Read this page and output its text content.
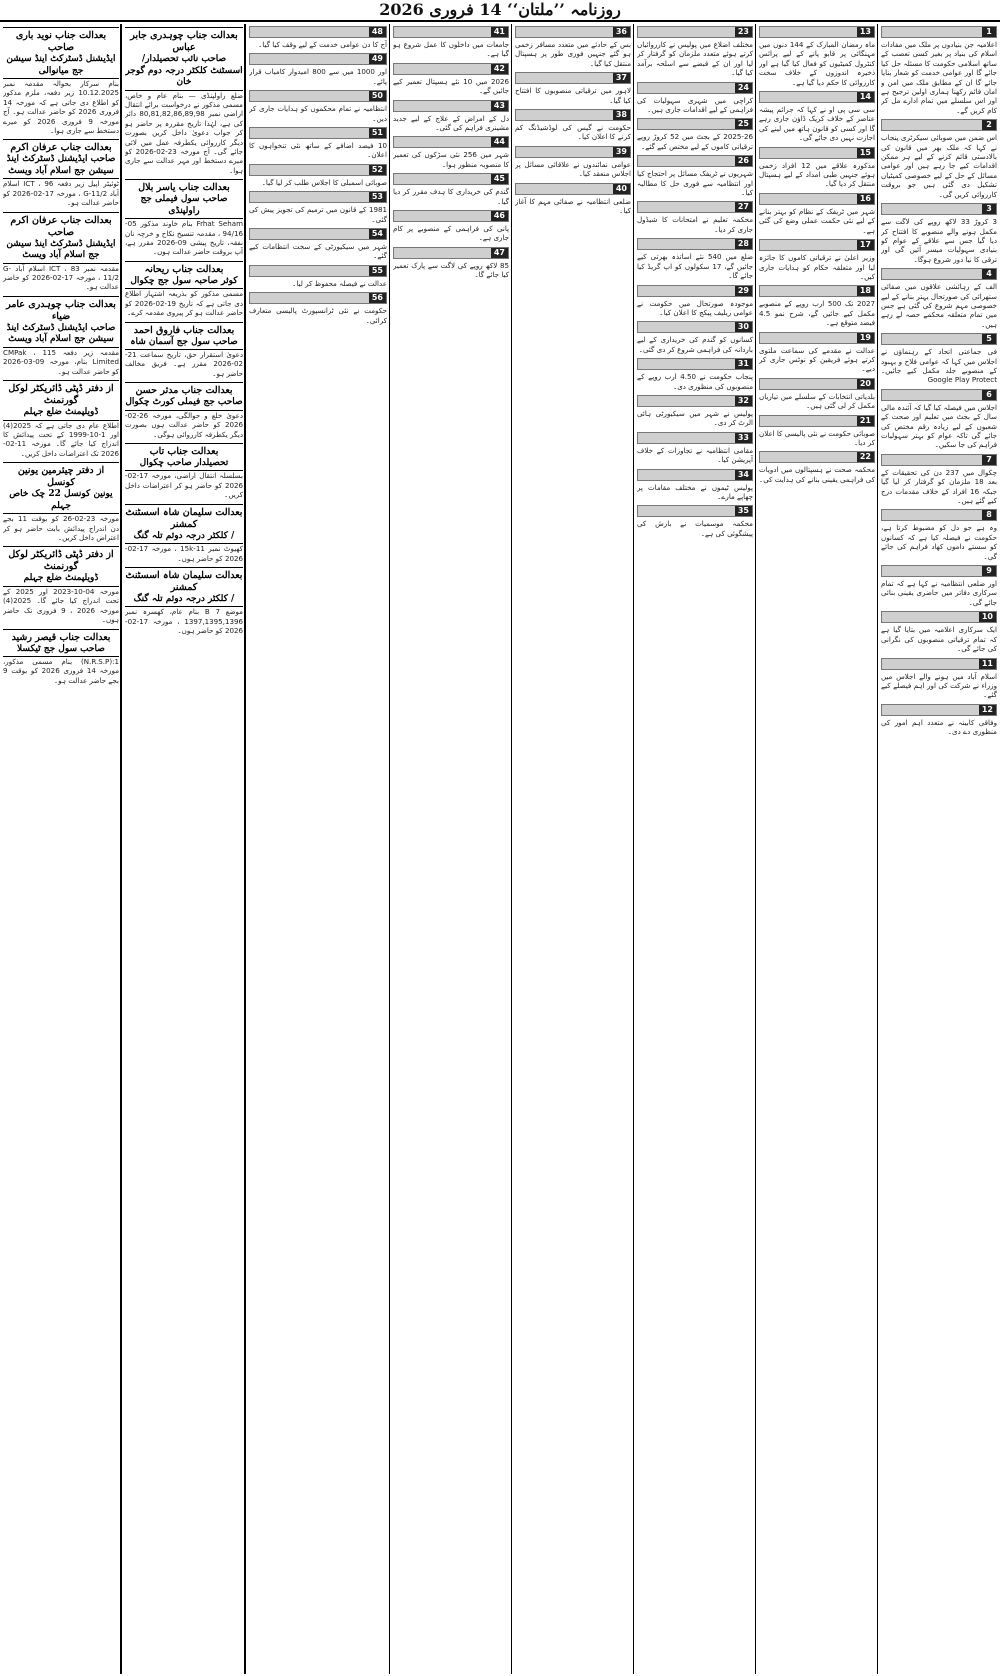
روزنامہ ’’ملتان‘‘ 14 فروری 2026
1
اعلامیہ جن بنیادوں پر ملک میں مفادات اسلام کی بنیاد پر بغیر کسی تعصب کے ساتھ اسلامی حکومت کا مسئلہ حل کیا جائے گا اور عوامی خدمت کو شعار بنایا جائے گا ان کے مطابق ملک میں امن و امان قائم رکھنا ہماری اولین ترجیح ہے اور اس سلسلے میں تمام ادارے مل کر کام کریں گے۔
2
اس ضمن میں صوبائی سیکرٹری پنجاب نے کہا کہ ملک بھر میں قانون کی بالادستی قائم کرنے کے لیے ہر ممکن اقدامات کیے جا رہے ہیں اور عوامی مسائل کے حل کے لیے خصوصی کمیٹیاں تشکیل دی گئی ہیں جو بروقت کارروائی کریں گی۔
3
3 کروڑ 33 لاکھ روپے کی لاگت سے مکمل ہونے والے منصوبے کا افتتاح کر دیا گیا جس سے علاقے کے عوام کو بنیادی سہولیات میسر آئیں گی اور ترقی کا نیا دور شروع ہوگا۔
4
الف کے رہائشی علاقوں میں صفائی ستھرائی کی صورتحال بہتر بنانے کے لیے خصوصی مہم شروع کی گئی ہے جس میں تمام متعلقہ محکمے حصہ لے رہے ہیں۔
5
فی جماعتی اتحاد کے رہنماؤں نے اجلاس میں کہا کہ عوامی فلاح و بہبود کے منصوبے جلد مکمل کیے جائیں۔ Google Play Protect
6
اجلاس میں فیصلہ کیا گیا کہ آئندہ مالی سال کے بجٹ میں تعلیم اور صحت کے شعبوں کے لیے زیادہ رقم مختص کی جائے گی تاکہ عوام کو بہتر سہولیات فراہم کی جا سکیں۔
7
چکوال میں 237 دن کی تحقیقات کے بعد 18 ملزمان کو گرفتار کر لیا گیا جبکہ 16 افراد کے خلاف مقدمات درج کیے گئے ہیں۔
8
وہ ہے جو دل کو مضبوط کرتا ہے، حکومت نے فیصلہ کیا ہے کہ کسانوں کو سستے داموں کھاد فراہم کی جائے گی۔
9
اور ضلعی انتظامیہ نے کہا ہے کہ تمام سرکاری دفاتر میں حاضری یقینی بنائی جائے گی۔
10
ایک سرکاری اعلامیہ میں بتایا گیا ہے کہ تمام ترقیاتی منصوبوں کی نگرانی کی جائے گی۔
11
اسلام آباد میں ہونے والے اجلاس میں وزراء نے شرکت کی اور اہم فیصلے کیے گئے۔
12
وفاقی کابینہ نے متعدد اہم امور کی منظوری دے دی۔
13
ماہ رمضان المبارک کے 144 دنوں میں مہنگائی پر قابو پانے کے لیے پرائس کنٹرول کمیٹیوں کو فعال کیا گیا ہے اور ذخیرہ اندوزوں کے خلاف سخت کارروائی کا حکم دیا گیا ہے۔
14
سی سی پی او نے کہا کہ جرائم پیشہ عناصر کے خلاف کریک ڈاؤن جاری رہے گا اور کسی کو قانون ہاتھ میں لینے کی اجازت نہیں دی جائے گی۔
15
مذکورہ علاقے میں 12 افراد زخمی ہوئے جنہیں طبی امداد کے لیے ہسپتال منتقل کر دیا گیا۔
16
شہر میں ٹریفک کے نظام کو بہتر بنانے کے لیے نئی حکمت عملی وضع کی گئی ہے۔
17
وزیر اعلیٰ نے ترقیاتی کاموں کا جائزہ لیا اور متعلقہ حکام کو ہدایات جاری کیں۔
18
2027 تک 500 ارب روپے کے منصوبے مکمل کیے جائیں گے، شرح نمو 4.5 فیصد متوقع ہے۔
19
عدالت نے مقدمے کی سماعت ملتوی کرتے ہوئے فریقین کو نوٹس جاری کر دیے۔
20
بلدیاتی انتخابات کے سلسلے میں تیاریاں مکمل کر لی گئی ہیں۔
21
صوبائی حکومت نے نئی پالیسی کا اعلان کر دیا۔
22
محکمہ صحت نے ہسپتالوں میں ادویات کی فراہمی یقینی بنانے کی ہدایت کی۔
23
مختلف اضلاع میں پولیس نے کارروائیاں کرتے ہوئے متعدد ملزمان کو گرفتار کر لیا اور ان کے قبضے سے اسلحہ برآمد کیا گیا۔
24
کراچی میں شہری سہولیات کی فراہمی کے لیے اقدامات جاری ہیں۔
25
2025-26 کے بجٹ میں 52 کروڑ روپے ترقیاتی کاموں کے لیے مختص کیے گئے۔
26
شہریوں نے ٹریفک مسائل پر احتجاج کیا اور انتظامیہ سے فوری حل کا مطالبہ کیا۔
27
محکمہ تعلیم نے امتحانات کا شیڈول جاری کر دیا۔
28
ضلع میں 540 نئے اساتذہ بھرتی کیے جائیں گے، 17 سکولوں کو اپ گریڈ کیا جائے گا۔
29
موجودہ صورتحال میں حکومت نے عوامی ریلیف پیکج کا اعلان کیا۔
30
کسانوں کو گندم کی خریداری کے لیے باردانہ کی فراہمی شروع کر دی گئی۔
31
پنجاب حکومت نے 4.50 ارب روپے کے منصوبوں کی منظوری دی۔
32
پولیس نے شہر میں سیکیورٹی ہائی الرٹ کر دی۔
33
مقامی انتظامیہ نے تجاوزات کے خلاف آپریشن کیا۔
34
پولیس ٹیموں نے مختلف مقامات پر چھاپے مارے۔
35
محکمہ موسمیات نے بارش کی پیشگوئی کی ہے۔
36
بس کے حادثے میں متعدد مسافر زخمی ہو گئے جنہیں فوری طور پر ہسپتال منتقل کیا گیا۔
37
لاہور میں ترقیاتی منصوبوں کا افتتاح کیا گیا۔
38
حکومت نے گیس کی لوڈشیڈنگ کم کرنے کا اعلان کیا۔
39
عوامی نمائندوں نے علاقائی مسائل پر اجلاس منعقد کیا۔
40
ضلعی انتظامیہ نے صفائی مہم کا آغاز کیا۔
41
جامعات میں داخلوں کا عمل شروع ہو گیا ہے۔
42
2026 میں 10 نئے ہسپتال تعمیر کیے جائیں گے۔
43
دل کے امراض کے علاج کے لیے جدید مشینری فراہم کی گئی۔
44
شہر میں 256 نئی سڑکوں کی تعمیر کا منصوبہ منظور ہوا۔
45
گندم کی خریداری کا ہدف مقرر کر دیا گیا۔
46
پانی کی فراہمی کے منصوبے پر کام جاری ہے۔
47
85 لاکھ روپے کی لاگت سے پارک تعمیر کیا جائے گا۔
48
آج کا دن عوامی خدمت کے لیے وقف کیا گیا۔
49
اور 1000 میں سے 800 امیدوار کامیاب قرار پائے۔
50
انتظامیہ نے تمام محکموں کو ہدایات جاری کر دیں۔
51
10 فیصد اضافے کے ساتھ نئی تنخواہوں کا اعلان۔
52
صوبائی اسمبلی کا اجلاس طلب کر لیا گیا۔
53
1981 کے قانون میں ترمیم کی تجویز پیش کی گئی۔
54
شہر میں سیکیورٹی کے سخت انتظامات کیے گئے۔
55
عدالت نے فیصلہ محفوظ کر لیا۔
56
حکومت نے نئی ٹرانسپورٹ پالیسی متعارف کرائی۔
بعدالت جناب چوہدری جابر عباس
صاحب نائب تحصیلدار/ اسسٹنٹ کلکٹر درجہ دوم گوجر خان
ضلع راولپنڈی — بنام عام و خاص، مسمی مذکور نے درخواست برائے انتقال اراضی نمبر 80,81,82,86,89,98 دائر کی ہے، لہٰذا تاریخ مقررہ پر حاضر ہو کر جواب دعویٰ داخل کریں بصورت دیگر کارروائی یکطرفہ عمل میں لائی جائے گی۔ آج مورخہ 23-02-2026 کو میرے دستخط اور مہر عدالت سے جاری ہوا۔
بعدالت جناب یاسر بلال
صاحب سول فیملی جج راولپنڈی
Frhat Seham بنام خاوند مذکور 05-94/16 ، مقدمہ تنسیخ نکاح و خرچہ نان نفقہ، تاریخ پیشی 09-2026 مقرر ہے، آپ بروقت حاضر عدالت ہوں۔
بعدالت جناب ریحانہ
کوثر صاحبہ سول جج چکوال
مسمی مذکور کو بذریعہ اشتہار اطلاع دی جاتی ہے کہ تاریخ 19-02-2026 کو حاضر عدالت ہو کر پیروی مقدمہ کرے۔
بعدالت جناب فاروق احمد
صاحب سول جج آسمان شاہ
دعویٰ استقرار حق، تاریخ سماعت 21-02-2026 مقرر ہے۔ فریق مخالف حاضر ہو۔
بعدالت جناب مدثر حسن
صاحب جج فیملی کورٹ چکوال
دعویٰ خلع و حوالگی، مورخہ 26-02-2026 کو حاضر عدالت ہوں بصورت دیگر یکطرفہ کارروائی ہوگی۔
بعدالت جناب تاب
تحصیلدار صاحب چکوال
بسلسلہ انتقال اراضی، مورخہ 17-02-2026 کو حاضر ہو کر اعتراضات داخل کریں۔
بعدالت سلیمان شاہ اسسٹنٹ کمشنر
/ کلکٹر درجہ دوئم تلہ گنگ
کھیوٹ نمبر 15k-11 ، مورخہ 17-02-2026 کو حاضر ہوں۔
بعدالت سلیمان شاہ اسسٹنٹ کمشنر
/ کلکٹر درجہ دوئم تلہ گنگ
موضع 7 B بنام عام، کھسرہ نمبر 1397,1395,1396 ، مورخہ 17-02-2026 کو حاضر ہوں۔
بعدالت جناب نوید باری صاحب
ایڈیشنل ڈسٹرکٹ اینڈ سیشن جج میانوالی
بنام سرکار بحوالہ مقدمہ نمبر 10.12.2025 زیر دفعہ، ملزم مذکور کو اطلاع دی جاتی ہے کہ مورخہ 14 فروری 2026 کو حاضر عدالت ہو۔ آج مورخہ 9 فروری 2026 کو میرے دستخط سے جاری ہوا۔
بعدالت جناب عرفان اکرم
صاحب ایڈیشنل ڈسٹرکٹ اینڈ سیشن جج اسلام آباد ویسٹ
ٹوئیٹر اپیل زیر دفعہ 96 ، ICT اسلام آباد G-11/2 ، مورخہ 17-02-2026 کو حاضر عدالت ہو۔
بعدالت جناب عرفان اکرم صاحب
ایڈیشنل ڈسٹرکٹ اینڈ سیشن جج اسلام آباد ویسٹ
مقدمہ نمبر 83 ، ICT اسلام آباد G-11/2 ، مورخہ 17-02-2026 کو حاضر عدالت ہو۔
بعدالت جناب چوہدری عامر ضیاء
صاحب ایڈیشنل ڈسٹرکٹ اینڈ سیشن جج اسلام آباد ویسٹ
مقدمہ زیر دفعہ 115 ، CMPak Limited بنام، مورخہ 09-03-2026 کو حاضر عدالت ہو۔
از دفتر ڈپٹی ڈائریکٹر لوکل گورنمنٹ
ڈویلپمنٹ ضلع جہلم
اطلاع عام دی جاتی ہے کہ 2025(4) اور 1-10-1999 کے تحت پیدائش کا اندراج کیا جائے گا۔ مورخہ 11-02-2026 تک اعتراضات داخل کریں۔
از دفتر چیئرمین یونین کونسل
یونین کونسل 22 چک خاص جہلم
مورخہ 23-02-26 کو بوقت 11 بجے دن اندراج پیدائش بابت حاضر ہو کر اعتراض داخل کریں۔
از دفتر ڈپٹی ڈائریکٹر لوکل گورنمنٹ
ڈویلپمنٹ ضلع جہلم
مورخہ 04-10-2023 اور 2025 کے تحت اندراج کیا جائے گا۔ 2025(4) مورخہ 2026 ، 9 فروری تک حاضر ہوں۔
بعدالت جناب قیصر رشید
صاحب سول جج ٹیکسلا
1:(N.R.S.P) بنام مسمی مذکور، مورخہ 14 فروری 2026 کو بوقت 9 بجے حاضر عدالت ہو۔
